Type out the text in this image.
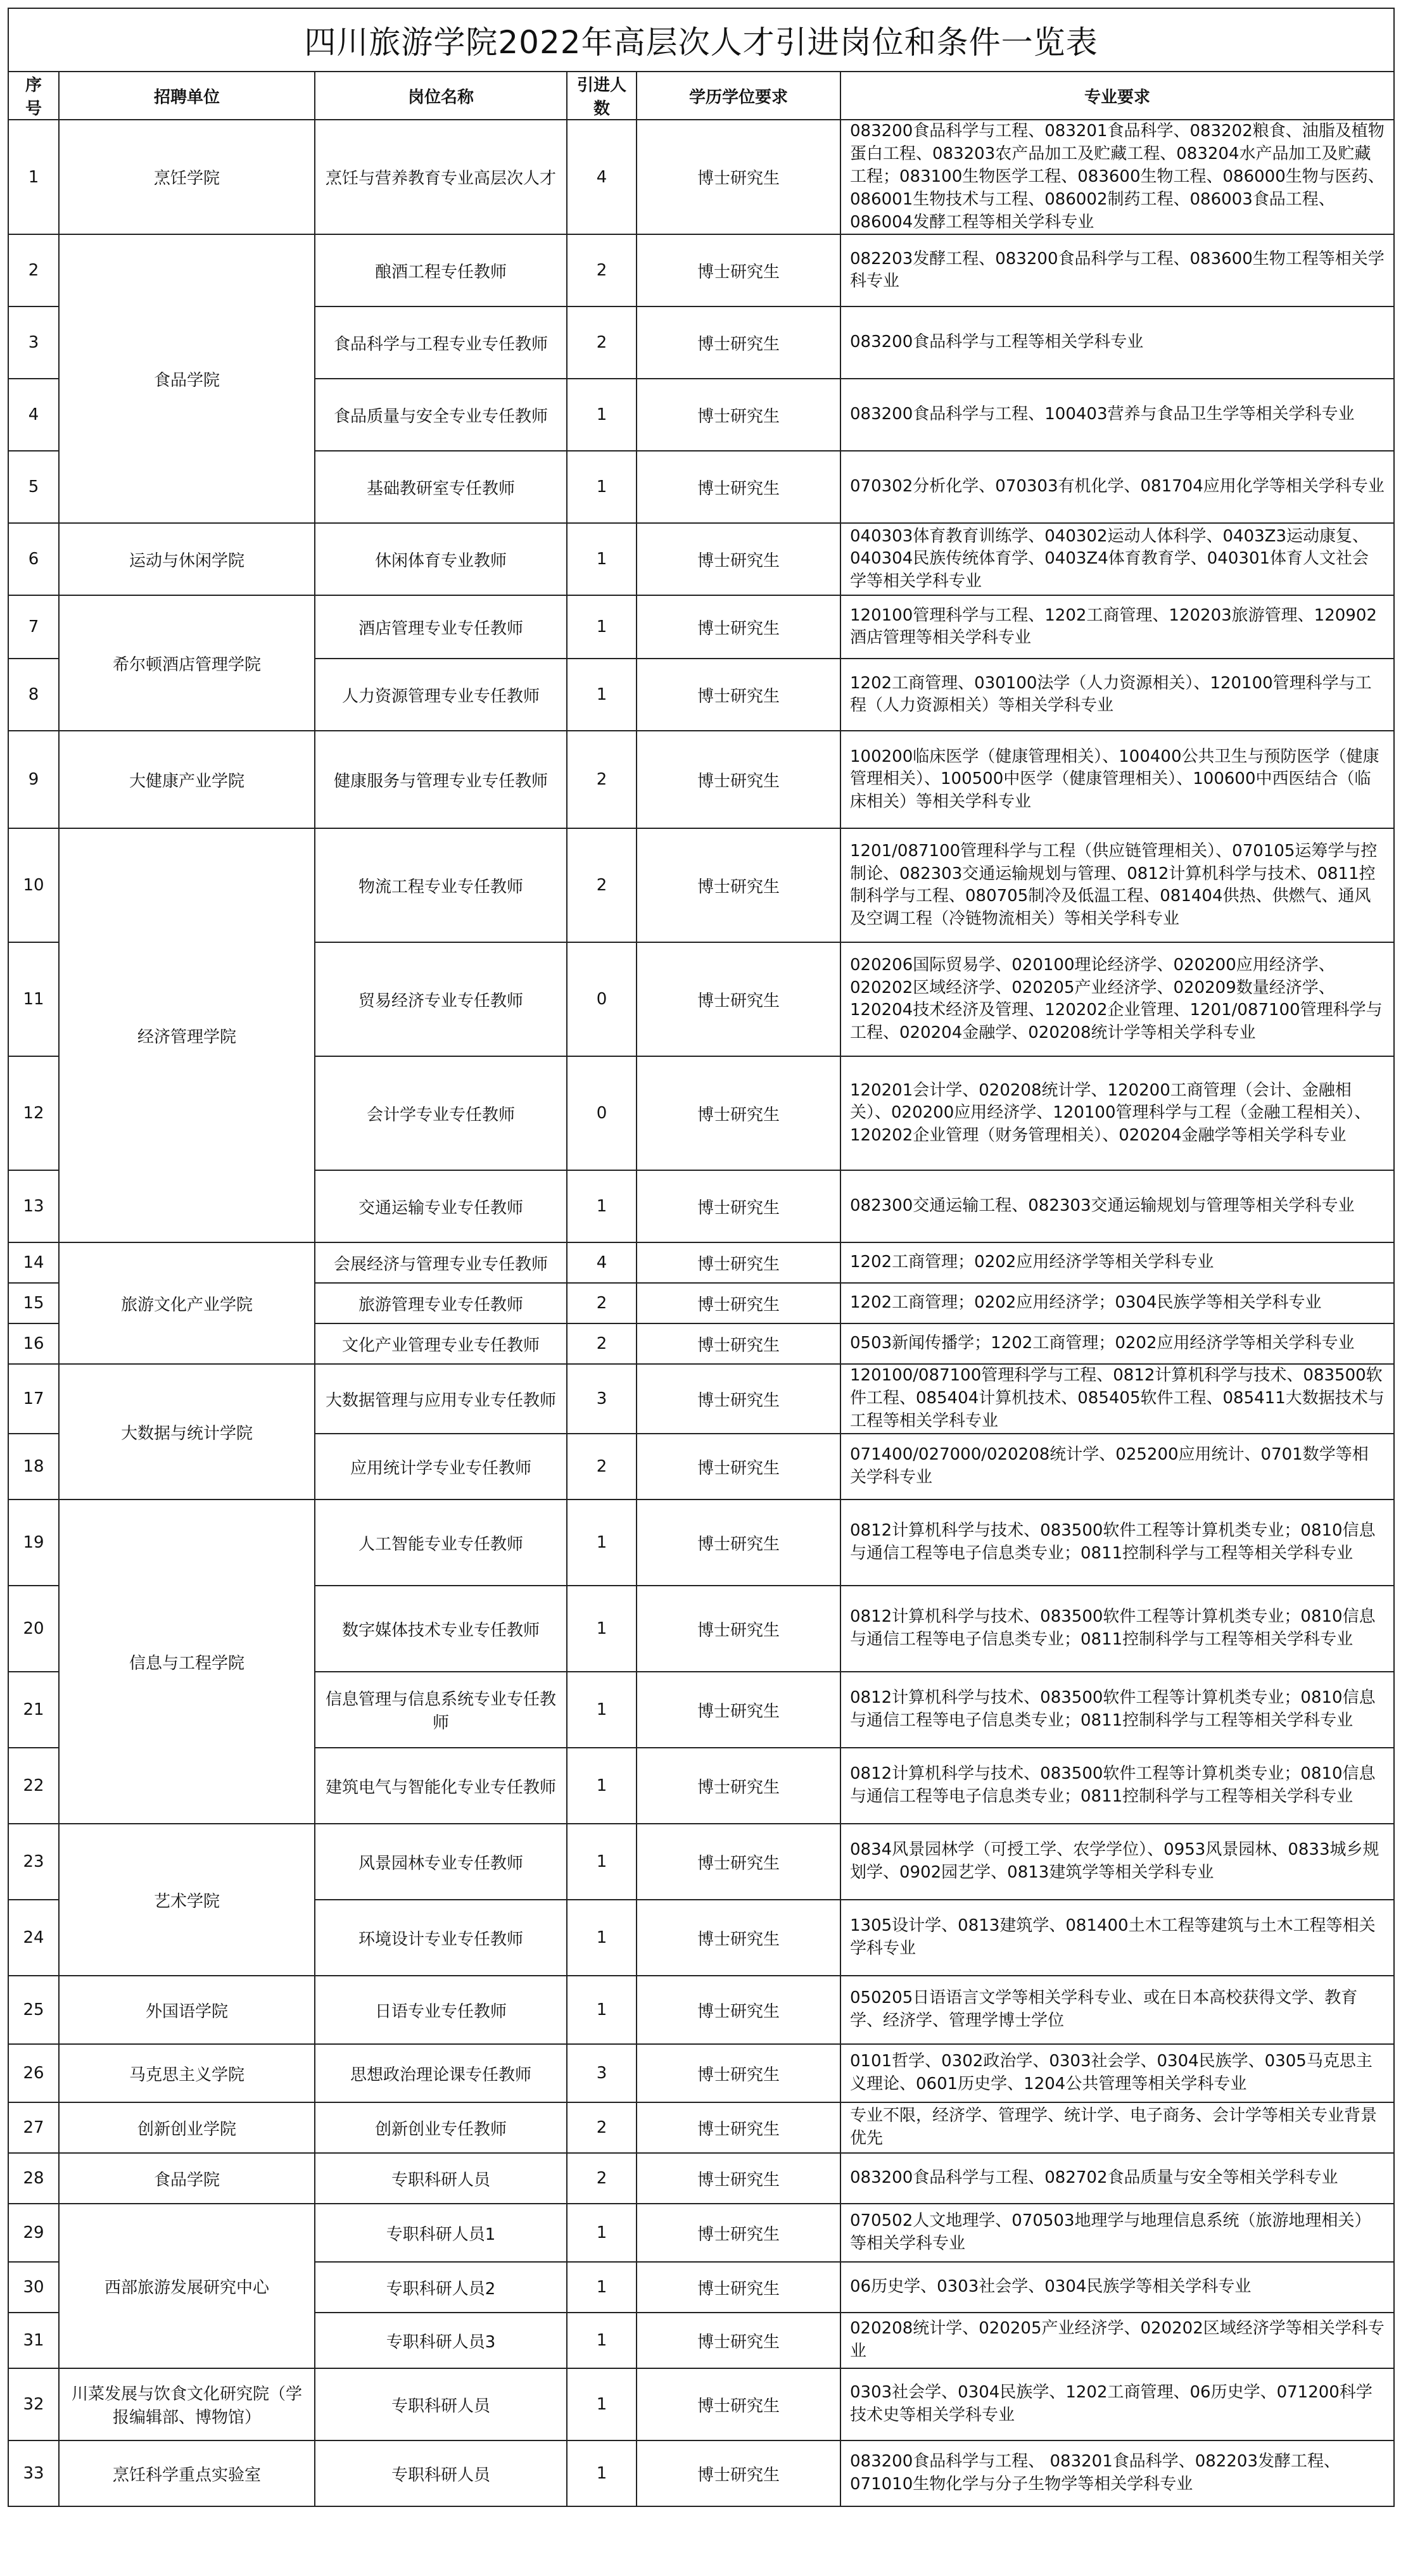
四川旅游学院2022年高层次人才引进岗位和条件一览表					
序号	招聘单位	岗位名称	引进人数	学历学位要求	专业要求
1	烹饪学院	烹饪与营养教育专业高层次人才	4	博士研究生	083200食品科学与工程、083201食品科学、083202粮食、油脂及植物蛋白工程、083203农产品加工及贮藏工程、083204水产品加工及贮藏工程；083100生物医学工程、083600生物工程、086000生物与医药、086001生物技术与工程、086002制药工程、086003食品工程、086004发酵工程等相关学科专业
2	食品学院	酿酒工程专任教师	2	博士研究生	082203发酵工程、083200食品科学与工程、083600生物工程等相关学科专业
3		食品科学与工程专业专任教师	2	博士研究生	083200食品科学与工程等相关学科专业
4		食品质量与安全专业专任教师	1	博士研究生	083200食品科学与工程、100403营养与食品卫生学等相关学科专业
5		基础教研室专任教师	1	博士研究生	070302分析化学、070303有机化学、081704应用化学等相关学科专业
6	运动与休闲学院	休闲体育专业教师	1	博士研究生	040303体育教育训练学、040302运动人体科学、0403Z3运动康复、040304民族传统体育学、0403Z4体育教育学、040301体育人文社会学等相关学科专业
7	希尔顿酒店管理学院	酒店管理专业专任教师	1	博士研究生	120100管理科学与工程、1202工商管理、120203旅游管理、120902酒店管理等相关学科专业
8		人力资源管理专业专任教师	1	博士研究生	1202工商管理、030100法学（人力资源相关）、120100管理科学与工程（人力资源相关）等相关学科专业
9	大健康产业学院	健康服务与管理专业专任教师	2	博士研究生	100200临床医学（健康管理相关）、100400公共卫生与预防医学（健康管理相关）、100500中医学（健康管理相关）、100600中西医结合（临床相关）等相关学科专业
10	经济管理学院	物流工程专业专任教师	2	博士研究生	1201/087100管理科学与工程（供应链管理相关）、070105运筹学与控制论、082303交通运输规划与管理、0812计算机科学与技术、0811控制科学与工程、080705制冷及低温工程、081404供热、供燃气、通风及空调工程（冷链物流相关）等相关学科专业
11		贸易经济专业专任教师	0	博士研究生	020206国际贸易学、020100理论经济学、020200应用经济学、020202区域经济学、020205产业经济学、020209数量经济学、120204技术经济及管理、120202企业管理、1201/087100管理科学与工程、020204金融学、020208统计学等相关学科专业
12		会计学专业专任教师	0	博士研究生	120201会计学、020208统计学、120200工商管理（会计、金融相关）、020200应用经济学、120100管理科学与工程（金融工程相关）、120202企业管理（财务管理相关）、020204金融学等相关学科专业
13		交通运输专业专任教师	1	博士研究生	082300交通运输工程、082303交通运输规划与管理等相关学科专业
14	旅游文化产业学院	会展经济与管理专业专任教师	4	博士研究生	1202工商管理；0202应用经济学等相关学科专业
15		旅游管理专业专任教师	2	博士研究生	1202工商管理；0202应用经济学；0304民族学等相关学科专业
16		文化产业管理专业专任教师	2	博士研究生	0503新闻传播学；1202工商管理；0202应用经济学等相关学科专业
17	大数据与统计学院	大数据管理与应用专业专任教师	3	博士研究生	120100/087100管理科学与工程、0812计算机科学与技术、083500软件工程、085404计算机技术、085405软件工程、085411大数据技术与工程等相关学科专业
18		应用统计学专业专任教师	2	博士研究生	071400/027000/020208统计学、025200应用统计、0701数学等相关学科专业
19	信息与工程学院	人工智能专业专任教师	1	博士研究生	0812计算机科学与技术、083500软件工程等计算机类专业；0810信息与通信工程等电子信息类专业；0811控制科学与工程等相关学科专业
20		数字媒体技术专业专任教师	1	博士研究生	0812计算机科学与技术、083500软件工程等计算机类专业；0810信息与通信工程等电子信息类专业；0811控制科学与工程等相关学科专业
21		信息管理与信息系统专业专任教师	1	博士研究生	0812计算机科学与技术、083500软件工程等计算机类专业；0810信息与通信工程等电子信息类专业；0811控制科学与工程等相关学科专业
22		建筑电气与智能化专业专任教师	1	博士研究生	0812计算机科学与技术、083500软件工程等计算机类专业；0810信息与通信工程等电子信息类专业；0811控制科学与工程等相关学科专业
23	艺术学院	风景园林专业专任教师	1	博士研究生	0834风景园林学（可授工学、农学学位）、0953风景园林、0833城乡规划学、0902园艺学、0813建筑学等相关学科专业
24		环境设计专业专任教师	1	博士研究生	1305设计学、0813建筑学、081400土木工程等建筑与土木工程等相关学科专业
25	外国语学院	日语专业专任教师	1	博士研究生	050205日语语言文学等相关学科专业、或在日本高校获得文学、教育学、经济学、管理学博士学位
26	马克思主义学院	思想政治理论课专任教师	3	博士研究生	0101哲学、0302政治学、0303社会学、0304民族学、0305马克思主义理论、0601历史学、1204公共管理等相关学科专业
27	创新创业学院	创新创业专任教师	2	博士研究生	专业不限，经济学、管理学、统计学、电子商务、会计学等相关专业背景优先
28	食品学院	专职科研人员	2	博士研究生	083200食品科学与工程、082702食品质量与安全等相关学科专业
29	西部旅游发展研究中心	专职科研人员1	1	博士研究生	070502人文地理学、070503地理学与地理信息系统（旅游地理相关）等相关学科专业
30		专职科研人员2	1	博士研究生	06历史学、0303社会学、0304民族学等相关学科专业
31		专职科研人员3	1	博士研究生	020208统计学、020205产业经济学、020202区域经济学等相关学科专业
32	川菜发展与饮食文化研究院（学报编辑部、博物馆）	专职科研人员	1	博士研究生	0303社会学、0304民族学、1202工商管理、06历史学、071200科学技术史等相关学科专业
33	烹饪科学重点实验室	专职科研人员	1	博士研究生	083200食品科学与工程、 083201食品科学、082203发酵工程、071010生物化学与分子生物学等相关学科专业
